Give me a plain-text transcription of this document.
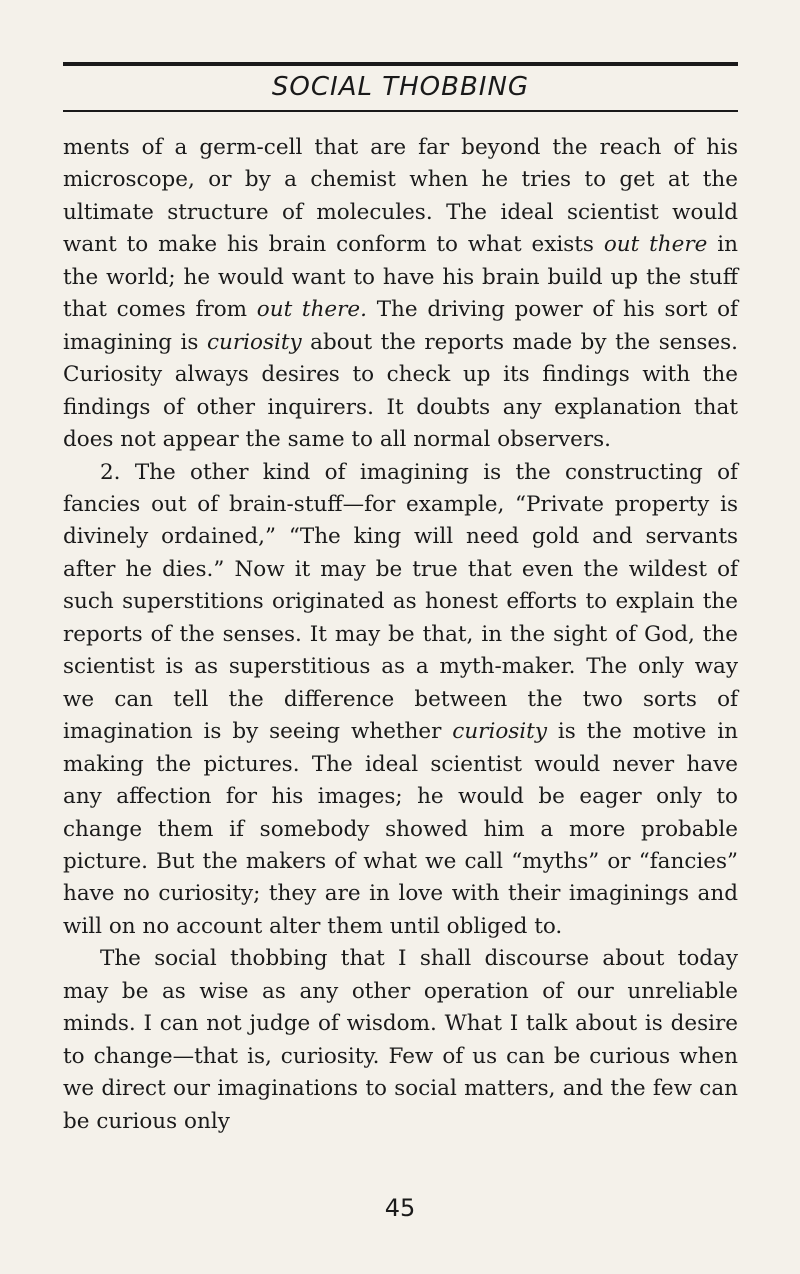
SOCIAL THOBBING

ments of a germ-cell that are far beyond the reach of his microscope, or by a chemist when he tries to get at the ultimate structure of molecules. The ideal scientist would want to make his brain conform to what exists out there in the world; he would want to have his brain build up the stuff that comes from out there. The driving power of his sort of imagining is curiosity about the reports made by the senses. Curiosity always desires to check up its findings with the findings of other inquirers. It doubts any explanation that does not appear the same to all normal observers.

2. The other kind of imagining is the constructing of fancies out of brain-stuff—for example, “Private property is divinely ordained,” “The king will need gold and servants after he dies.” Now it may be true that even the wildest of such superstitions originated as honest efforts to explain the reports of the senses. It may be that, in the sight of God, the scientist is as superstitious as a myth-maker. The only way we can tell the difference between the two sorts of imagination is by seeing whether curiosity is the motive in making the pictures. The ideal scientist would never have any affection for his images; he would be eager only to change them if somebody showed him a more probable picture. But the makers of what we call “myths” or “fancies” have no curiosity; they are in love with their imaginings and will on no account alter them until obliged to.

The social thobbing that I shall discourse about today may be as wise as any other operation of our unreliable minds. I can not judge of wisdom. What I talk about is desire to change—that is, curiosity. Few of us can be curious when we direct our imaginations to social matters, and the few can be curious only

45
